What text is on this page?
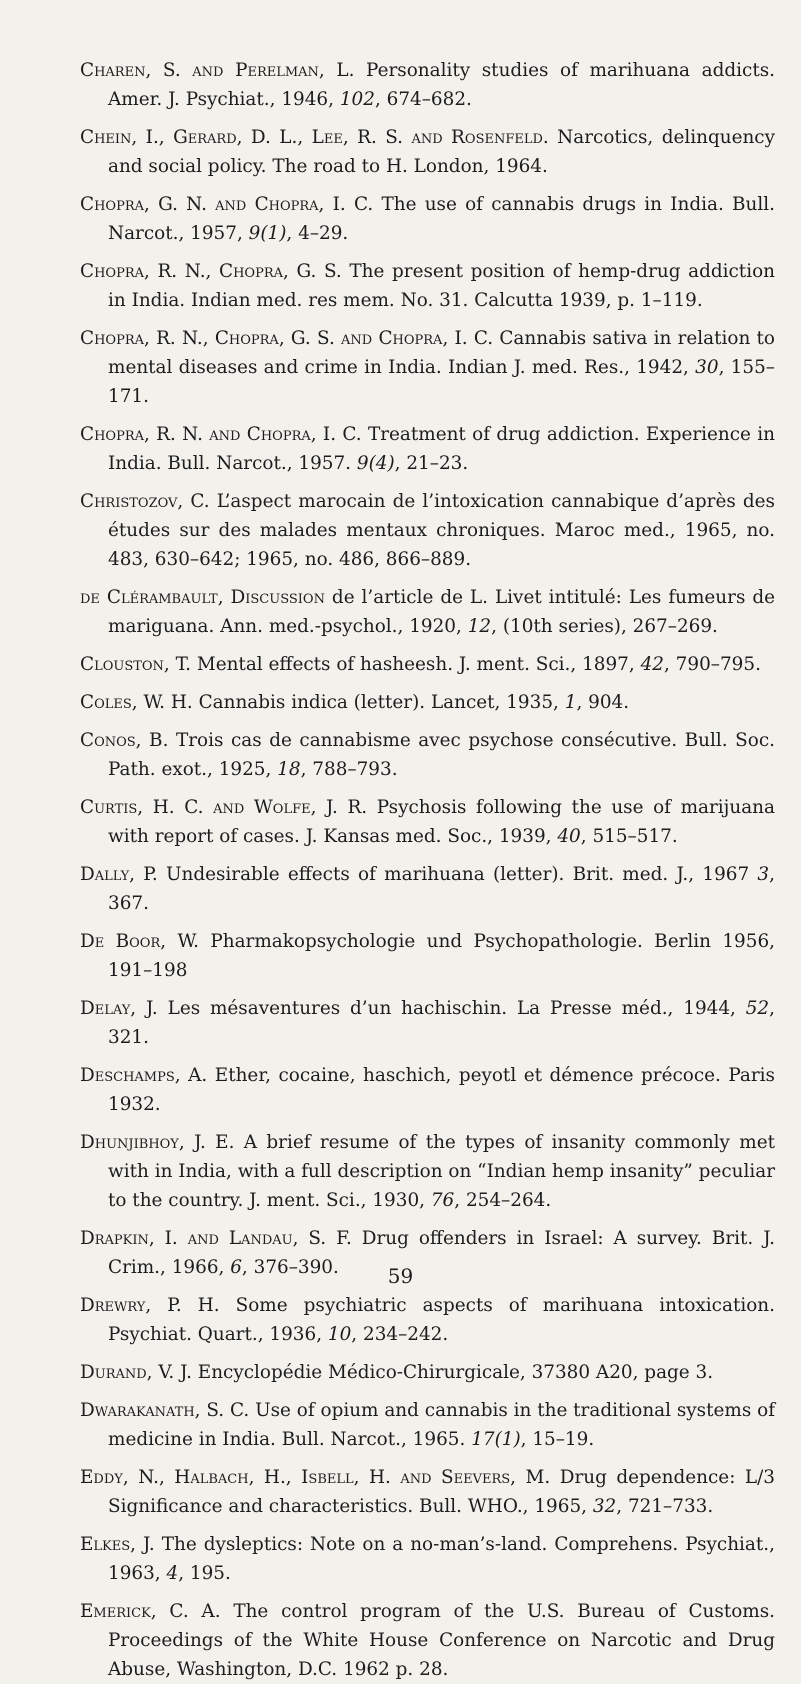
Charen, S. and Perelman, L. Personality studies of marihuana addicts. Amer. J. Psychiat., 1946, 102, 674–682.
Chein, I., Gerard, D. L., Lee, R. S. and Rosenfeld. Narcotics, delinquency and social policy. The road to H. London, 1964.
Chopra, G. N. and Chopra, I. C. The use of cannabis drugs in India. Bull. Narcot., 1957, 9(1), 4–29.
Chopra, R. N., Chopra, G. S. The present position of hemp-drug addiction in India. Indian med. res mem. No. 31. Calcutta 1939, p. 1–119.
Chopra, R. N., Chopra, G. S. and Chopra, I. C. Cannabis sativa in relation to mental diseases and crime in India. Indian J. med. Res., 1942, 30, 155–171.
Chopra, R. N. and Chopra, I. C. Treatment of drug addiction. Experience in India. Bull. Narcot., 1957. 9(4), 21–23.
Christozov, C. L’aspect marocain de l’intoxication cannabique d’après des études sur des malades mentaux chroniques. Maroc med., 1965, no. 483, 630–642; 1965, no. 486, 866–889.
de Clérambault, Discussion de l’article de L. Livet intitulé: Les fumeurs de mariguana. Ann. med.-psychol., 1920, 12, (10th series), 267–269.
Clouston, T. Mental effects of hasheesh. J. ment. Sci., 1897, 42, 790–795.
Coles, W. H. Cannabis indica (letter). Lancet, 1935, 1, 904.
Conos, B. Trois cas de cannabisme avec psychose consécutive. Bull. Soc. Path. exot., 1925, 18, 788–793.
Curtis, H. C. and Wolfe, J. R. Psychosis following the use of marijuana with report of cases. J. Kansas med. Soc., 1939, 40, 515–517.
Dally, P. Undesirable effects of marihuana (letter). Brit. med. J., 1967 3, 367.
De Boor, W. Pharmakopsychologie und Psychopathologie. Berlin 1956, 191–198
Delay, J. Les mésaventures d’un hachischin. La Presse méd., 1944, 52, 321.
Deschamps, A. Ether, cocaine, haschich, peyotl et démence précoce. Paris 1932.
Dhunjibhoy, J. E. A brief resume of the types of insanity commonly met with in India, with a full description on “Indian hemp insanity” peculiar to the country. J. ment. Sci., 1930, 76, 254–264.
Drapkin, I. and Landau, S. F. Drug offenders in Israel: A survey. Brit. J. Crim., 1966, 6, 376–390.
Drewry, P. H. Some psychiatric aspects of marihuana intoxication. Psychiat. Quart., 1936, 10, 234–242.
Durand, V. J. Encyclopédie Médico-Chirurgicale, 37380 A20, page 3.
Dwarakanath, S. C. Use of opium and cannabis in the traditional systems of medicine in India. Bull. Narcot., 1965. 17(1), 15–19.
Eddy, N., Halbach, H., Isbell, H. and Seevers, M. Drug dependence: L/3 Significance and characteristics. Bull. WHO., 1965, 32, 721–733.
Elkes, J. The dysleptics: Note on a no-man’s-land. Comprehens. Psychiat., 1963, 4, 195.
Emerick, C. A. The control program of the U.S. Bureau of Customs. Proceedings of the White House Conference on Narcotic and Drug Abuse, Washington, D.C. 1962 p. 28.
59
